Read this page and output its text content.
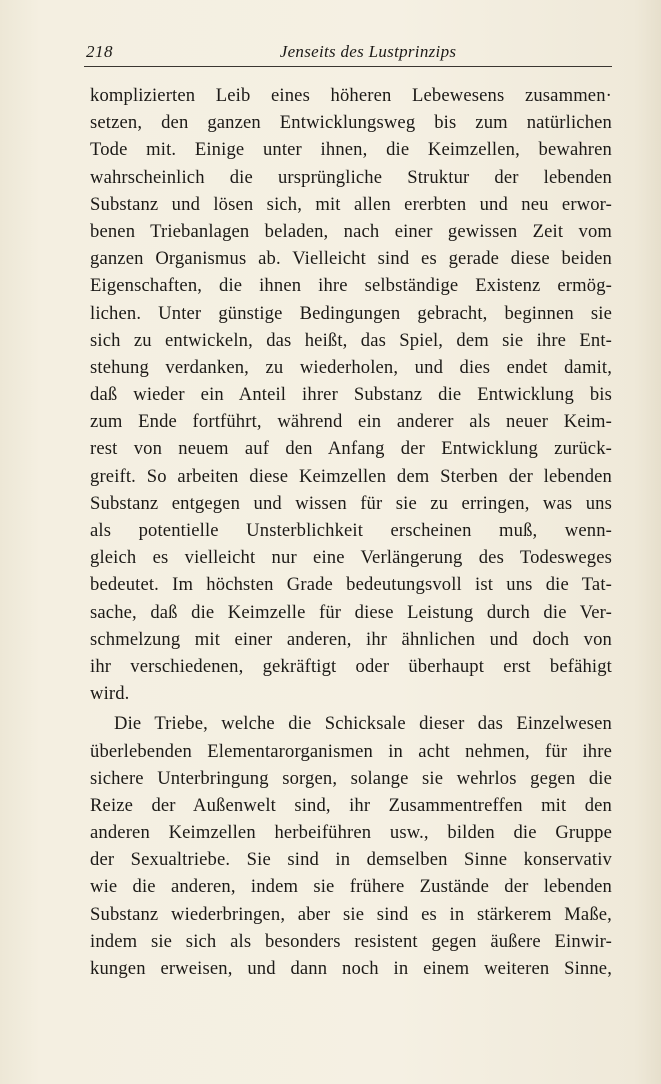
218	Jenseits des Lustprinzips
komplizierten Leib eines höheren Lebewesens zusammen·
setzen, den ganzen Entwicklungsweg bis zum natürlichen
Tode mit. Einige unter ihnen, die Keimzellen, bewahren
wahrscheinlich die ursprüngliche Struktur der lebenden
Substanz und lösen sich, mit allen ererbten und neu erwor-
benen Triebanlagen beladen, nach einer gewissen Zeit vom
ganzen Organismus ab. Vielleicht sind es gerade diese beiden
Eigenschaften, die ihnen ihre selbständige Existenz ermög-
lichen. Unter günstige Bedingungen gebracht, beginnen sie
sich zu entwickeln, das heißt, das Spiel, dem sie ihre Ent-
stehung verdanken, zu wiederholen, und dies endet damit,
daß wieder ein Anteil ihrer Substanz die Entwicklung bis
zum Ende fortführt, während ein anderer als neuer Keim-
rest von neuem auf den Anfang der Entwicklung zurück-
greift. So arbeiten diese Keimzellen dem Sterben der lebenden
Substanz entgegen und wissen für sie zu erringen, was uns
als potentielle Unsterblichkeit erscheinen muß, wenn-
gleich es vielleicht nur eine Verlängerung des Todesweges
bedeutet. Im höchsten Grade bedeutungsvoll ist uns die Tat-
sache, daß die Keimzelle für diese Leistung durch die Ver-
schmelzung mit einer anderen, ihr ähnlichen und doch von
ihr verschiedenen, gekräftigt oder überhaupt erst befähigt
wird.
Die Triebe, welche die Schicksale dieser das Einzelwesen
überlebenden Elementarorganismen in acht nehmen, für ihre
sichere Unterbringung sorgen, solange sie wehrlos gegen die
Reize der Außenwelt sind, ihr Zusammentreffen mit den
anderen Keimzellen herbeiführen usw., bilden die Gruppe
der Sexualtriebe. Sie sind in demselben Sinne konservativ
wie die anderen, indem sie frühere Zustände der lebenden
Substanz wiederbringen, aber sie sind es in stärkerem Maße,
indem sie sich als besonders resistent gegen äußere Einwir-
kungen erweisen, und dann noch in einem weiteren Sinne,
